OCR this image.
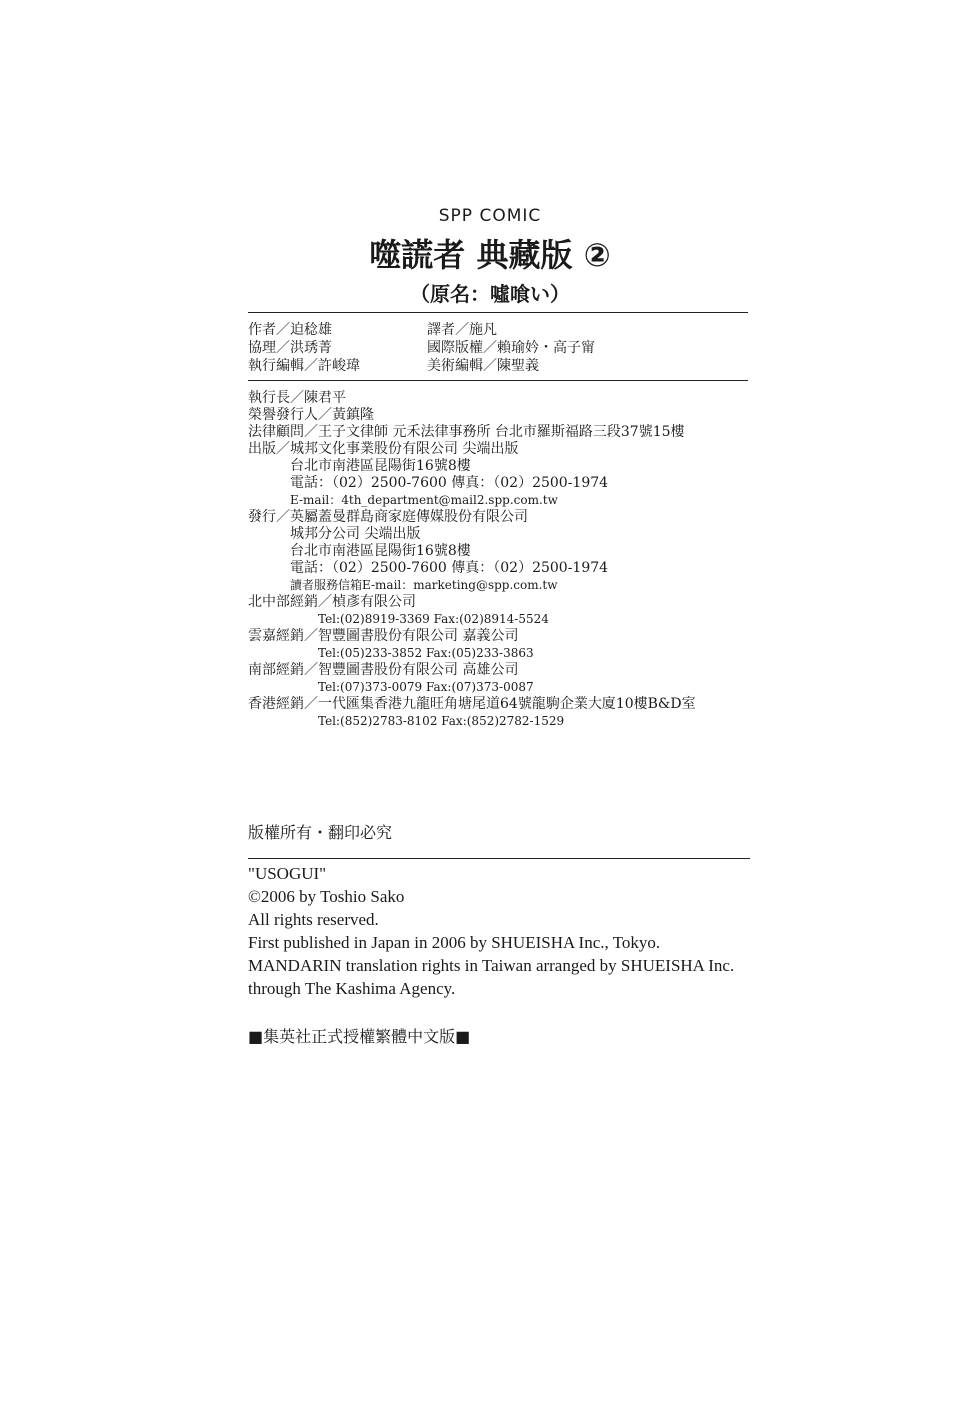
SPP COMIC
噬謊者 典藏版 ②
（原名：噓喰い）
作者／迫稔雄
協理／洪琇菁
執行編輯／許峻瑋
譯者／施凡
國際版權／賴瑜妗・高子甯
美術編輯／陳聖義
執行長／陳君平
榮譽發行人／黃鎮隆
法律顧問／王子文律師 元禾法律事務所 台北市羅斯福路三段37號15樓
出版／城邦文化事業股份有限公司 尖端出版
台北市南港區昆陽街16號8樓
電話：（02）2500-7600 傳真：（02）2500-1974
E-mail：4th_department@mail2.spp.com.tw
發行／英屬蓋曼群島商家庭傳媒股份有限公司
城邦分公司 尖端出版
台北市南港區昆陽街16號8樓
電話：（02）2500-7600 傳真：（02）2500-1974
讀者服務信箱E-mail：marketing@spp.com.tw
北中部經銷／楨彥有限公司
Tel:(02)8919-3369 Fax:(02)8914-5524
雲嘉經銷／智豐圖書股份有限公司 嘉義公司
Tel:(05)233-3852 Fax:(05)233-3863
南部經銷／智豐圖書股份有限公司 高雄公司
Tel:(07)373-0079 Fax:(07)373-0087
香港經銷／一代匯集香港九龍旺角塘尾道64號龍駒企業大廈10樓B&D室
Tel:(852)2783-8102 Fax:(852)2782-1529
版權所有・翻印必究
"USOGUI"
©2006 by Toshio Sako
All rights reserved.
First published in Japan in 2006 by SHUEISHA Inc., Tokyo.
MANDARIN translation rights in Taiwan arranged by SHUEISHA Inc.
through The Kashima Agency.
■集英社正式授權繁體中文版■
